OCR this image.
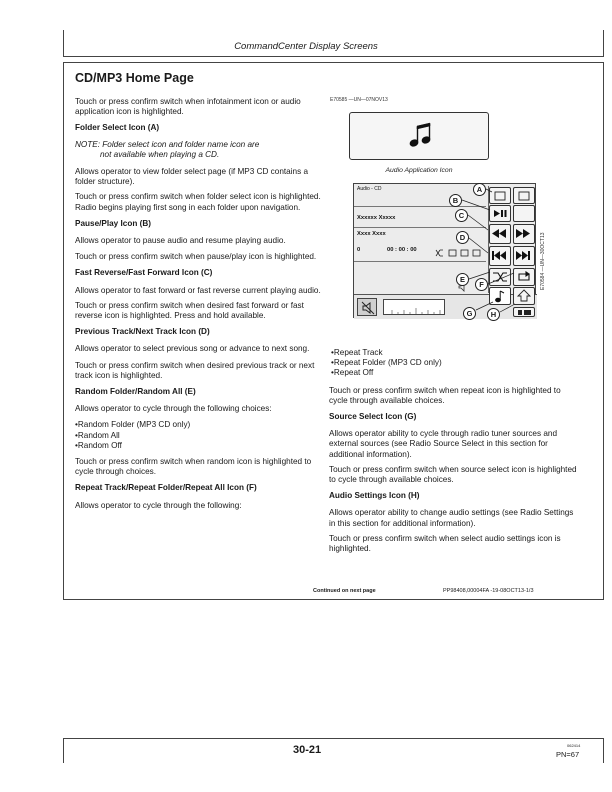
CommandCenter Display Screens
CD/MP3 Home Page

Touch or press confirm switch when infotainment icon or audio application icon is highlighted.

Folder Select Icon (A)

NOTE: Folder select icon and folder name icon are

not available when playing a CD.

Allows operator to view folder select page (if MP3 CD contains a folder structure).

Touch or press confirm switch when folder select icon is highlighted. Radio begins playing first song in each folder upon navigation.

Pause/Play Icon (B)

Allows operator to pause audio and resume playing audio.

Touch or press confirm switch when pause/play icon is highlighted.

Fast Reverse/Fast Forward Icon (C)

Allows operator to fast forward or fast reverse current playing audio.

Touch or press confirm switch when desired fast forward or fast reverse icon is highlighted. Press and hold available.

Previous Track/Next Track Icon (D)

Allows operator to select previous song or advance to next song.

Touch or press confirm switch when desired previous track or next track icon is highlighted.

Random Folder/Random All (E)

Allows operator to cycle through the following choices:

•Random Folder (MP3 CD only)

•Random All

•Random Off

Touch or press confirm switch when random icon is highlighted to cycle through choices.

Repeat Track/Repeat Folder/Repeat All Icon (F)

Allows operator to cycle through the following:

E70585 —UN—07NOV13
Audio Application Icon
Audio - CD
Xxxxxx Xxxxx
Xxxx Xxxx
0	00 : 00 : 00
A
B
C
D
E
F
G	H
E70584 —UN—30OCT13

•Repeat Track

•Repeat Folder (MP3 CD only)

•Repeat Off

Touch or press confirm switch when repeat icon is highlighted to cycle through available choices.

Source Select Icon (G)

Allows operator ability to cycle through radio tuner sources and external sources (see Radio Source Select in this section for additional information).

Touch or press confirm switch when source select icon is highlighted to cycle through available choices.

Audio Settings Icon (H)

Allows operator ability to change audio settings (see Radio Settings in this section for additional information).

Touch or press confirm switch when select audio settings icon is highlighted.

Continued on next page	PP98408,00004FA -19-08OCT13-1/3
30-21	062414
PN=67
